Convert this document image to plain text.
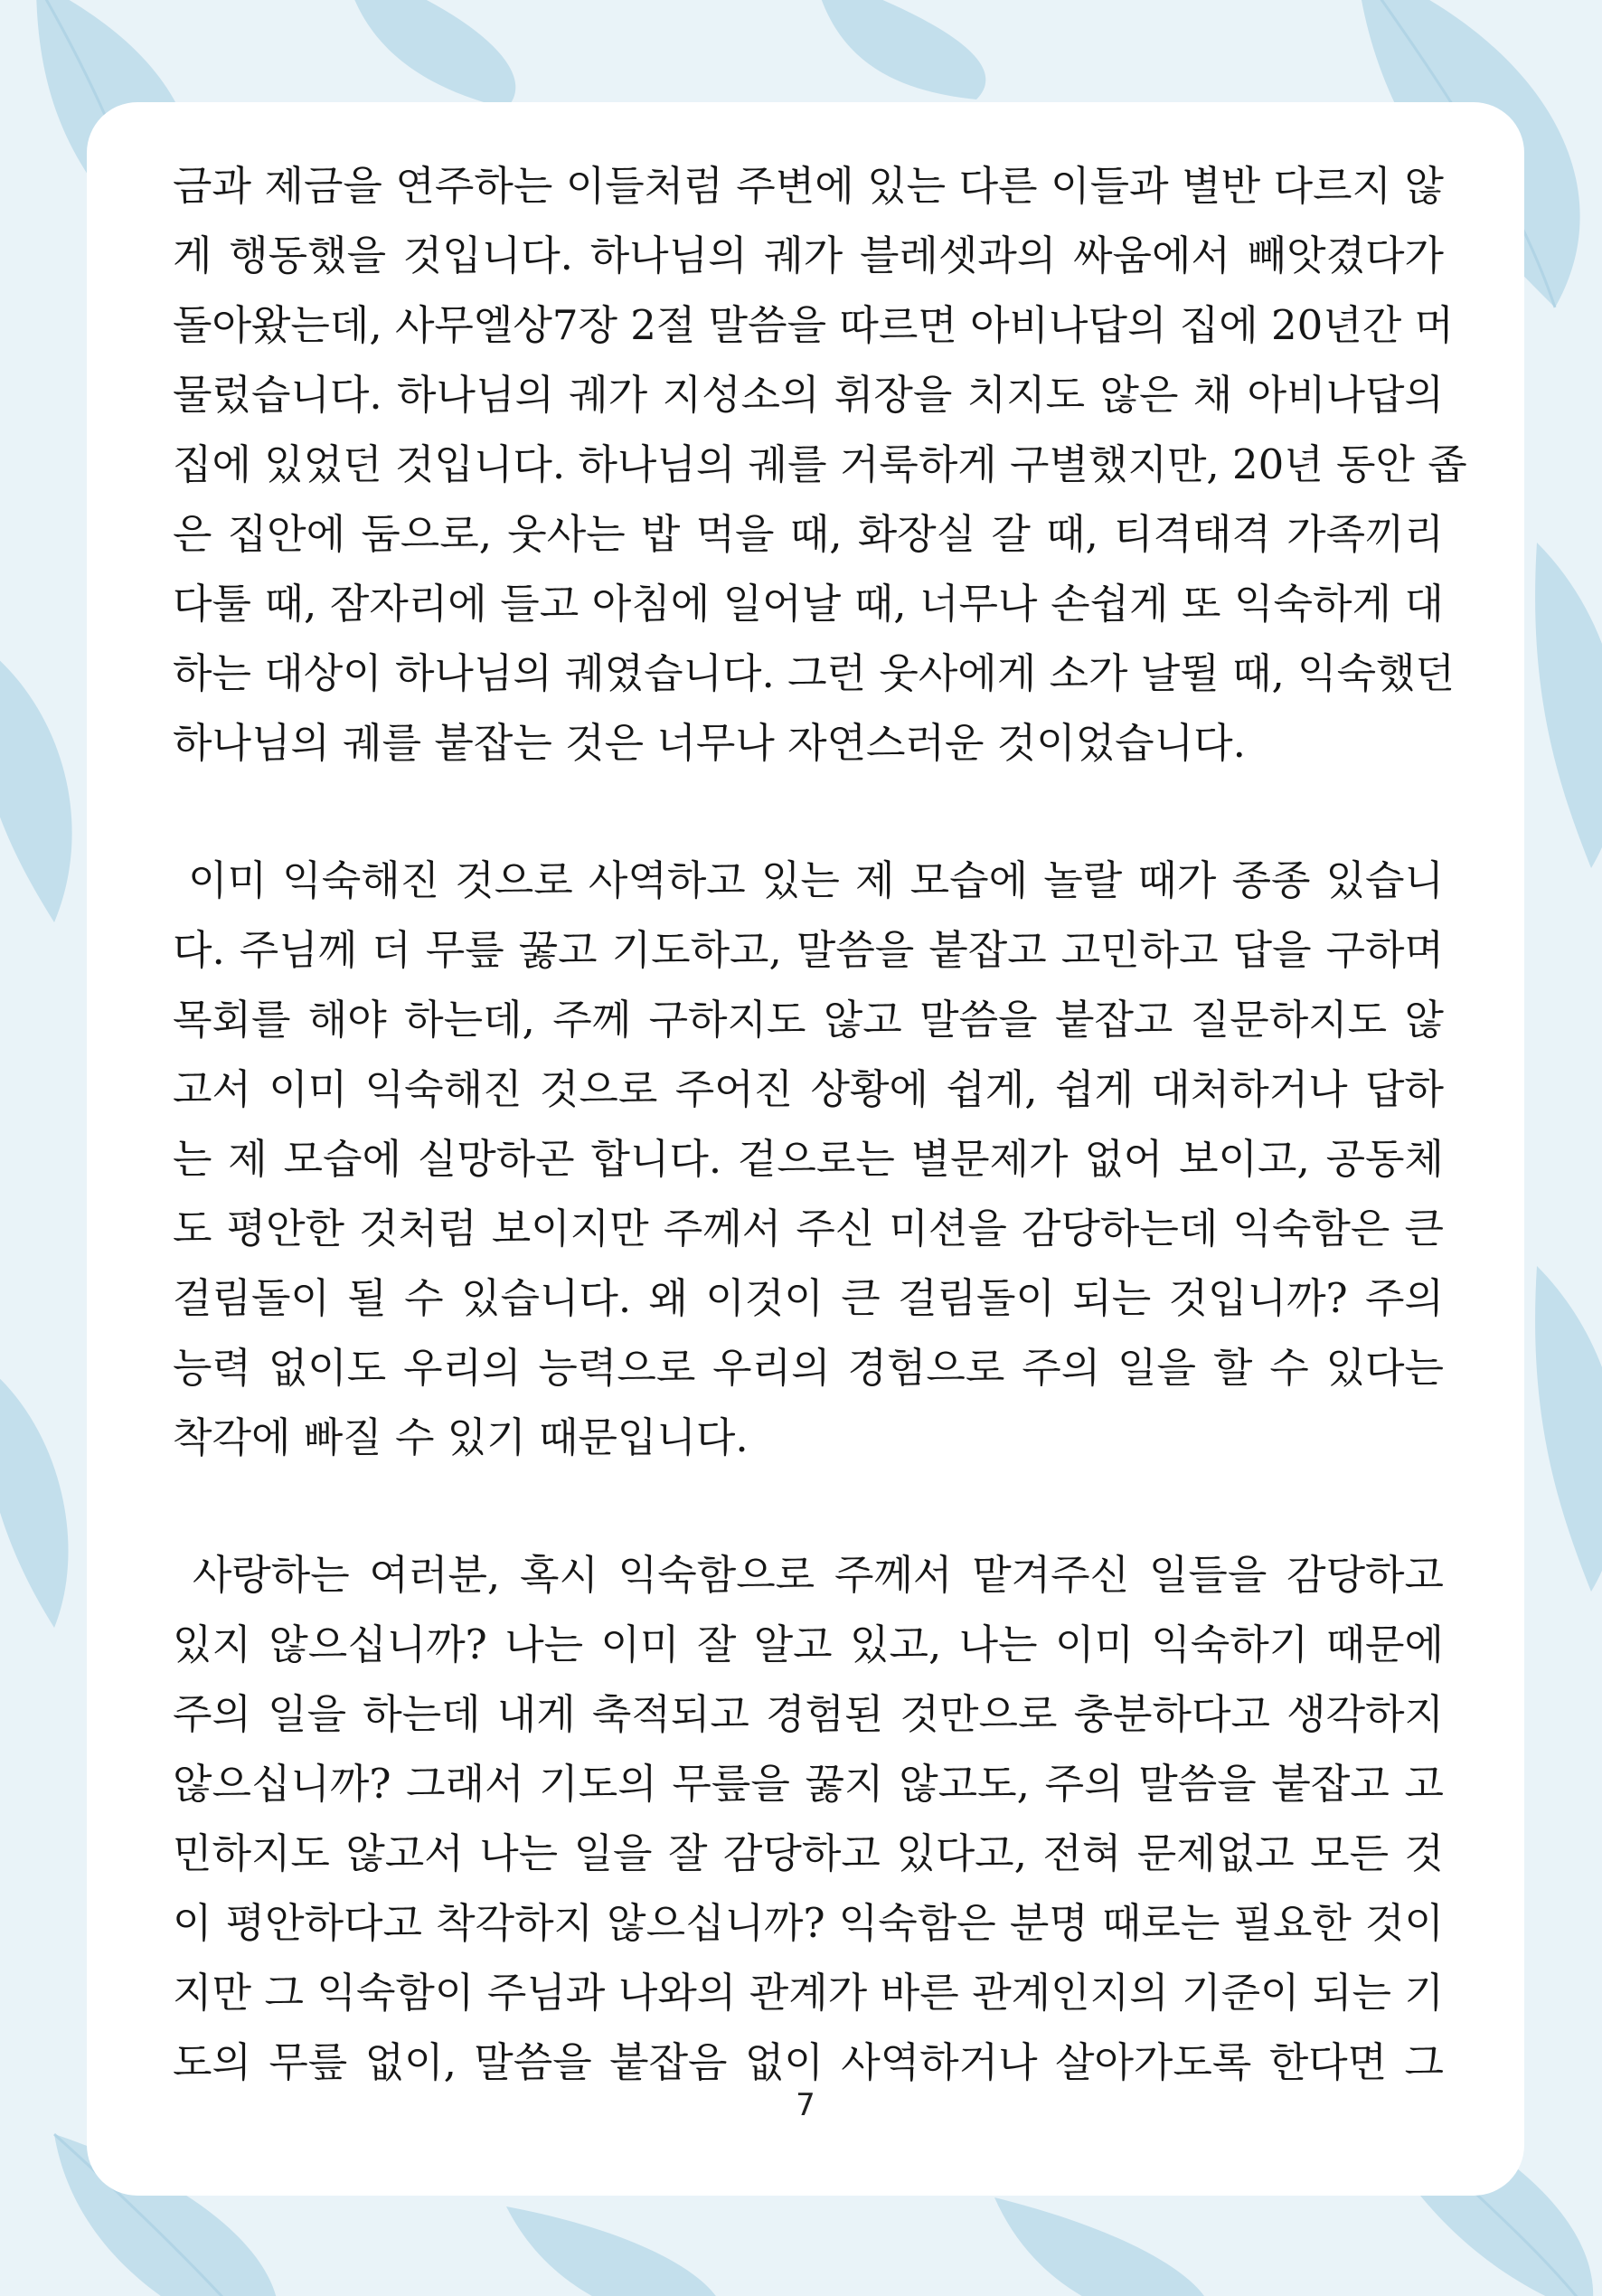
금과 제금을 연주하는 이들처럼 주변에 있는 다른 이들과 별반 다르지 않
게 행동했을 것입니다. 하나님의 궤가 블레셋과의 싸움에서 빼앗겼다가
돌아왔는데, 사무엘상7장 2절 말씀을 따르면 아비나답의 집에 20년간 머
물렀습니다. 하나님의 궤가 지성소의 휘장을 치지도 않은 채 아비나답의
집에 있었던 것입니다. 하나님의 궤를 거룩하게 구별했지만, 20년 동안 좁
은 집안에 둠으로, 웃사는 밥 먹을 때, 화장실 갈 때, 티격태격 가족끼리
다툴 때, 잠자리에 들고 아침에 일어날 때, 너무나 손쉽게 또 익숙하게 대
하는 대상이 하나님의 궤였습니다. 그런 웃사에게 소가 날뛸 때, 익숙했던
하나님의 궤를 붙잡는 것은 너무나 자연스러운 것이었습니다.

이미 익숙해진 것으로 사역하고 있는 제 모습에 놀랄 때가 종종 있습니
다. 주님께 더 무릎 꿇고 기도하고, 말씀을 붙잡고 고민하고 답을 구하며
목회를 해야 하는데, 주께 구하지도 않고 말씀을 붙잡고 질문하지도 않
고서 이미 익숙해진 것으로 주어진 상황에 쉽게, 쉽게 대처하거나 답하
는 제 모습에 실망하곤 합니다. 겉으로는 별문제가 없어 보이고, 공동체
도 평안한 것처럼 보이지만 주께서 주신 미션을 감당하는데 익숙함은 큰
걸림돌이 될 수 있습니다. 왜 이것이 큰 걸림돌이 되는 것입니까? 주의
능력 없이도 우리의 능력으로 우리의 경험으로 주의 일을 할 수 있다는
착각에 빠질 수 있기 때문입니다.

사랑하는 여러분, 혹시 익숙함으로 주께서 맡겨주신 일들을 감당하고
있지 않으십니까? 나는 이미 잘 알고 있고, 나는 이미 익숙하기 때문에
주의 일을 하는데 내게 축적되고 경험된 것만으로 충분하다고 생각하지
않으십니까? 그래서 기도의 무릎을 꿇지 않고도, 주의 말씀을 붙잡고 고
민하지도 않고서 나는 일을 잘 감당하고 있다고, 전혀 문제없고 모든 것
이 평안하다고 착각하지 않으십니까? 익숙함은 분명 때로는 필요한 것이
지만 그 익숙함이 주님과 나와의 관계가 바른 관계인지의 기준이 되는 기
도의 무릎 없이, 말씀을 붙잡음 없이 사역하거나 살아가도록 한다면 그

7
